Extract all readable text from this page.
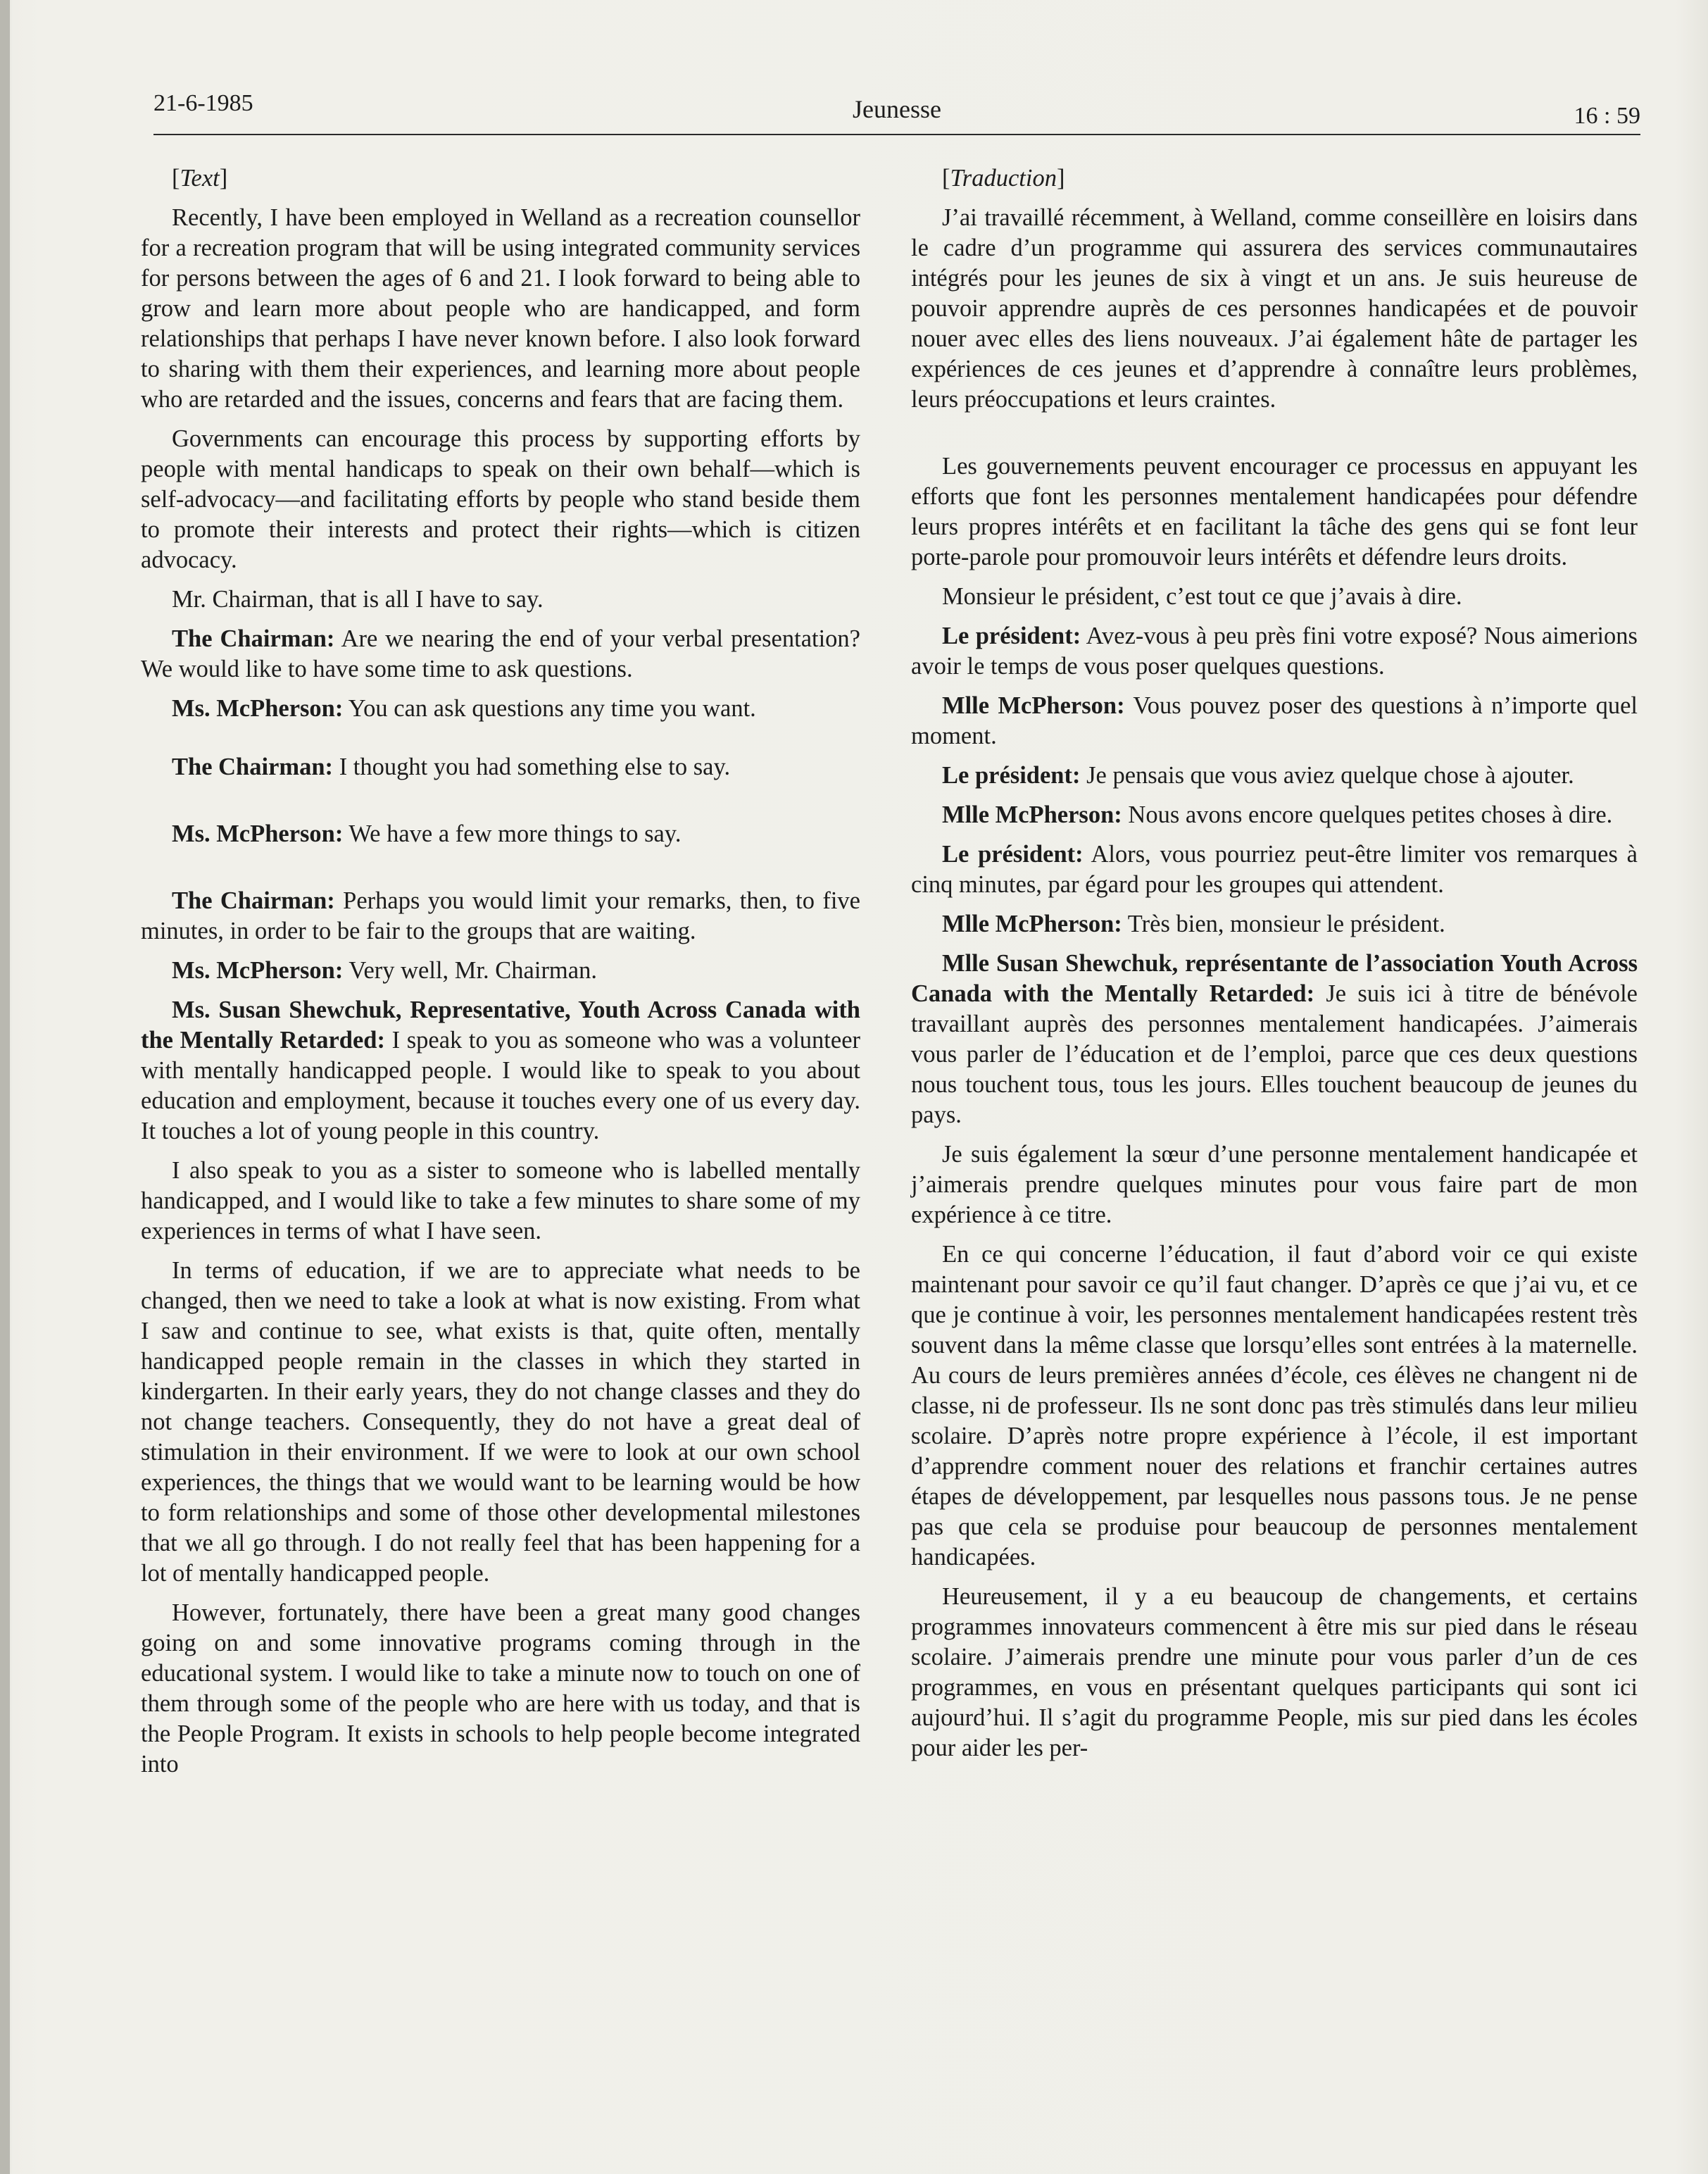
21-6-1985	Jeunesse	16 : 59

[Text]

Recently, I have been employed in Welland as a recreation counsellor for a recreation program that will be using integrated community services for persons between the ages of 6 and 21. I look forward to being able to grow and learn more about people who are handicapped, and form relationships that perhaps I have never known before. I also look forward to sharing with them their experiences, and learning more about people who are retarded and the issues, concerns and fears that are facing them.

Governments can encourage this process by supporting efforts by people with mental handicaps to speak on their own behalf—which is self-advocacy—and facilitating efforts by people who stand beside them to promote their interests and protect their rights—which is citizen advocacy.

Mr. Chairman, that is all I have to say.

The Chairman: Are we nearing the end of your verbal presentation? We would like to have some time to ask questions.

Ms. McPherson: You can ask questions any time you want.

The Chairman: I thought you had something else to say.

Ms. McPherson: We have a few more things to say.

The Chairman: Perhaps you would limit your remarks, then, to five minutes, in order to be fair to the groups that are waiting.

Ms. McPherson: Very well, Mr. Chairman.

Ms. Susan Shewchuk, Representative, Youth Across Canada with the Mentally Retarded: I speak to you as someone who was a volunteer with mentally handicapped people. I would like to speak to you about education and employment, because it touches every one of us every day. It touches a lot of young people in this country.

I also speak to you as a sister to someone who is labelled mentally handicapped, and I would like to take a few minutes to share some of my experiences in terms of what I have seen.

In terms of education, if we are to appreciate what needs to be changed, then we need to take a look at what is now existing. From what I saw and continue to see, what exists is that, quite often, mentally handicapped people remain in the classes in which they started in kindergarten. In their early years, they do not change classes and they do not change teachers. Consequently, they do not have a great deal of stimulation in their environment. If we were to look at our own school experiences, the things that we would want to be learning would be how to form relationships and some of those other developmental milestones that we all go through. I do not really feel that has been happening for a lot of mentally handicapped people.

However, fortunately, there have been a great many good changes going on and some innovative programs coming through in the educational system. I would like to take a minute now to touch on one of them through some of the people who are here with us today, and that is the People Program. It exists in schools to help people become integrated into

[Traduction]

J’ai travaillé récemment, à Welland, comme conseillère en loisirs dans le cadre d’un programme qui assurera des services communautaires intégrés pour les jeunes de six à vingt et un ans. Je suis heureuse de pouvoir apprendre auprès de ces personnes handicapées et de pouvoir nouer avec elles des liens nouveaux. J’ai également hâte de partager les expériences de ces jeunes et d’apprendre à connaître leurs problèmes, leurs préoccupations et leurs craintes.

Les gouvernements peuvent encourager ce processus en appuyant les efforts que font les personnes mentalement handicapées pour défendre leurs propres intérêts et en facilitant la tâche des gens qui se font leur porte-parole pour promouvoir leurs intérêts et défendre leurs droits.

Monsieur le président, c’est tout ce que j’avais à dire.

Le président: Avez-vous à peu près fini votre exposé? Nous aimerions avoir le temps de vous poser quelques questions.

Mlle McPherson: Vous pouvez poser des questions à n’importe quel moment.

Le président: Je pensais que vous aviez quelque chose à ajouter.

Mlle McPherson: Nous avons encore quelques petites choses à dire.

Le président: Alors, vous pourriez peut-être limiter vos remarques à cinq minutes, par égard pour les groupes qui attendent.

Mlle McPherson: Très bien, monsieur le président.

Mlle Susan Shewchuk, représentante de l’association Youth Across Canada with the Mentally Retarded: Je suis ici à titre de bénévole travaillant auprès des personnes mentalement handicapées. J’aimerais vous parler de l’éducation et de l’emploi, parce que ces deux questions nous touchent tous, tous les jours. Elles touchent beaucoup de jeunes du pays.

Je suis également la sœur d’une personne mentalement handicapée et j’aimerais prendre quelques minutes pour vous faire part de mon expérience à ce titre.

En ce qui concerne l’éducation, il faut d’abord voir ce qui existe maintenant pour savoir ce qu’il faut changer. D’après ce que j’ai vu, et ce que je continue à voir, les personnes mentalement handicapées restent très souvent dans la même classe que lorsqu’elles sont entrées à la maternelle. Au cours de leurs premières années d’école, ces élèves ne changent ni de classe, ni de professeur. Ils ne sont donc pas très stimulés dans leur milieu scolaire. D’après notre propre expérience à l’école, il est important d’apprendre comment nouer des relations et franchir certaines autres étapes de développement, par lesquelles nous passons tous. Je ne pense pas que cela se produise pour beaucoup de personnes mentalement handicapées.

Heureusement, il y a eu beaucoup de changements, et certains programmes innovateurs commencent à être mis sur pied dans le réseau scolaire. J’aimerais prendre une minute pour vous parler d’un de ces programmes, en vous en présentant quelques participants qui sont ici aujourd’hui. Il s’agit du programme People, mis sur pied dans les écoles pour aider les per-
